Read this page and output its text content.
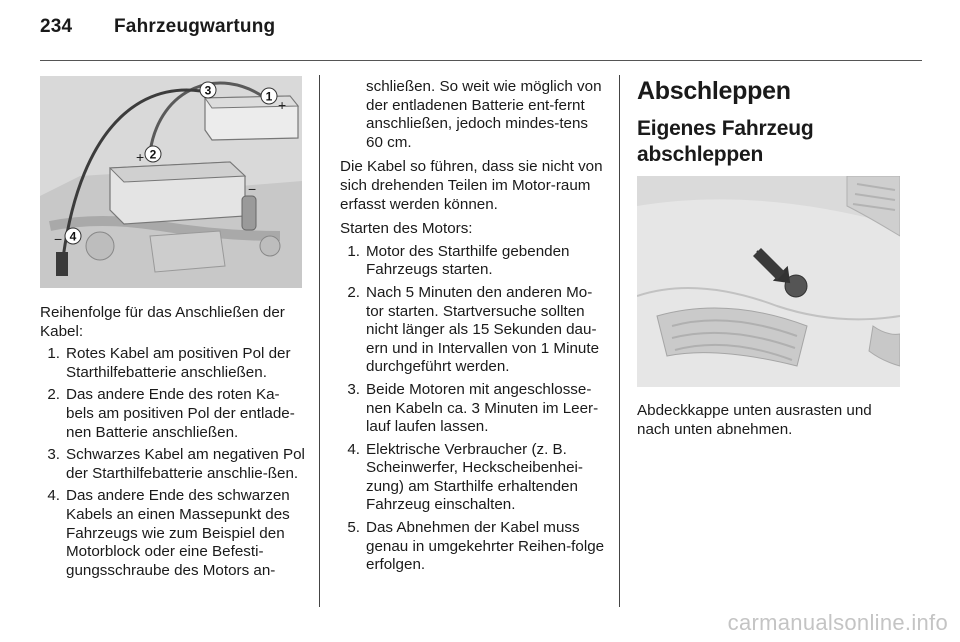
234 Fahrzeugwartung
1
2
3
4
+
+
−
−

Reihenfolge für das Anschließen der Kabel:

1. Rotes Kabel am positiven Pol der Starthilfebatterie anschließen.
2. Das andere Ende des roten Ka-bels am positiven Pol der entlade-nen Batterie anschließen.
3. Schwarzes Kabel am negativen Pol der Starthilfebatterie anschlie-ßen.
4. Das andere Ende des schwarzen Kabels an einen Massepunkt des Fahrzeugs wie zum Beispiel den Motorblock oder eine Befesti-gungsschraube des Motors an-

schließen. So weit wie möglich von der entladenen Batterie ent-fernt anschließen, jedoch mindes-tens 60 cm.

Die Kabel so führen, dass sie nicht von sich drehenden Teilen im Motor-raum erfasst werden können.

Starten des Motors:

1. Motor des Starthilfe gebenden Fahrzeugs starten.
2. Nach 5 Minuten den anderen Mo-tor starten. Startversuche sollten nicht länger als 15 Sekunden dau-ern und in Intervallen von 1 Minute durchgeführt werden.
3. Beide Motoren mit angeschlosse-nen Kabeln ca. 3 Minuten im Leer-lauf laufen lassen.
4. Elektrische Verbraucher (z. B. Scheinwerfer, Heckscheibenhei-zung) am Starthilfe erhaltenden Fahrzeug einschalten.
5. Das Abnehmen der Kabel muss genau in umgekehrter Reihen-folge erfolgen.
Abschleppen
Eigenes Fahrzeug abschleppen

Abdeckkappe unten ausrasten und nach unten abnehmen.

carmanualsonline.info
